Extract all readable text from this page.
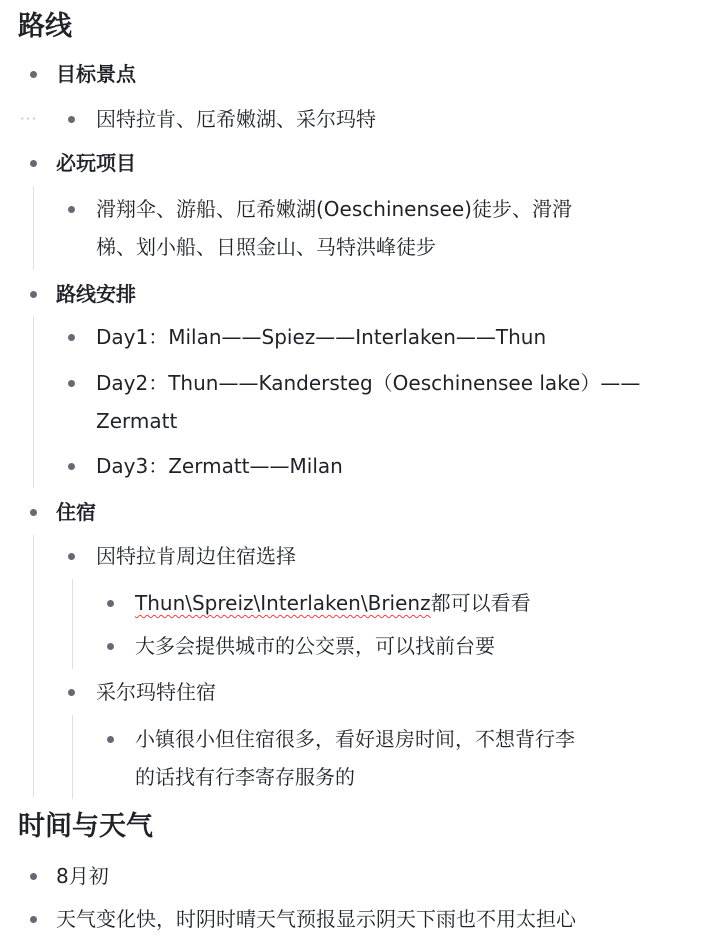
路线
目标景点
···	因特拉肯、厄希嫩湖、采尔玛特
必玩项目
滑翔伞、游船、厄希嫩湖(Oeschinensee)徒步、滑滑
梯、划小船、日照金山、马特洪峰徒步
路线安排
Day1：Milan——Spiez——Interlaken——Thun
Day2：Thun——Kandersteg（Oeschinensee lake）——
Zermatt
Day3：Zermatt——Milan
住宿
因特拉肯周边住宿选择
Thun\Spreiz\Interlaken\Brienz都可以看看
大多会提供城市的公交票，可以找前台要
采尔玛特住宿
小镇很小但住宿很多，看好退房时间，不想背行李
的话找有行李寄存服务的
时间与天气
8月初
天气变化快，时阴时晴天气预报显示阴天下雨也不用太担心
